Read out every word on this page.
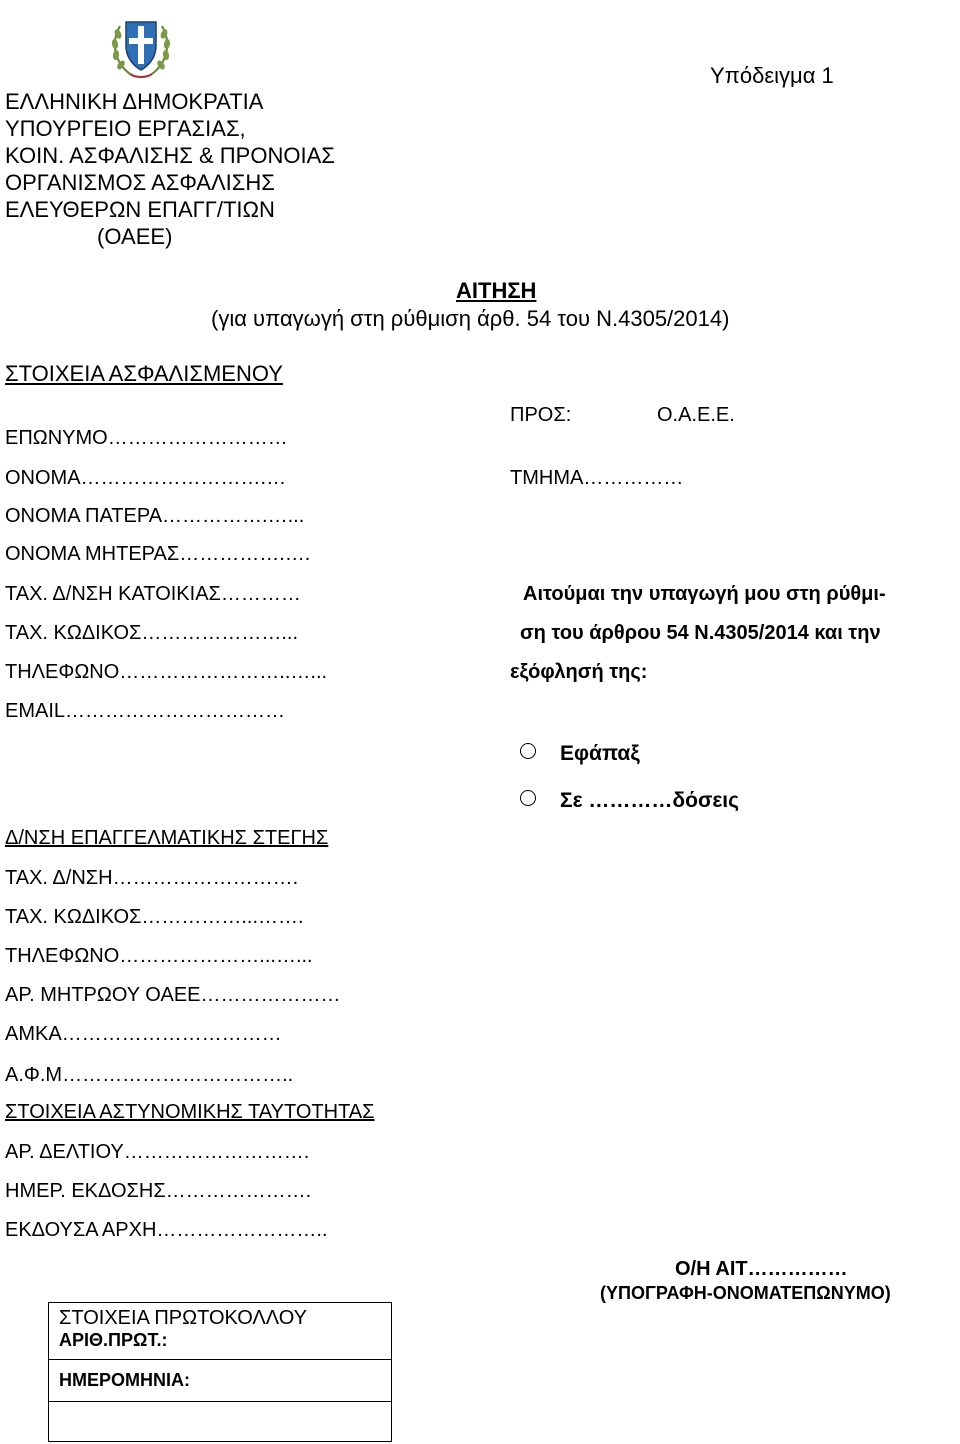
Υπόδειγμα 1
ΕΛΛΗΝΙΚΗ ΔΗΜΟΚΡΑΤΙΑ
ΥΠΟΥΡΓΕΙΟ ΕΡΓΑΣΙΑΣ,
ΚΟΙΝ. ΑΣΦΑΛΙΣΗΣ & ΠΡΟΝΟΙΑΣ
ΟΡΓΑΝΙΣΜΟΣ ΑΣΦΑΛΙΣΗΣ
ΕΛΕΥΘΕΡΩΝ ΕΠΑΓΓ/ΤΙΩΝ
(ΟΑΕΕ)
ΑΙΤΗΣΗ
(για υπαγωγή στη ρύθμιση άρθ. 54 του Ν.4305/2014)
ΣΤΟΙΧΕΙΑ ΑΣΦΑΛΙΣΜΕΝΟΥ
ΕΠΩΝΥΜΟ………………………
ΟΝΟΜΑ……………………….…
ΟΝΟΜΑ ΠΑΤΕΡΑ…………….…...
ΟΝΟΜΑ ΜΗΤΕΡΑΣ…………….….
ΤΑΧ. Δ/ΝΣΗ ΚΑΤΟΙΚΙΑΣ…………
ΤΑΧ. ΚΩΔΙΚΟΣ…………………...
ΤΗΛΕΦΩΝΟ……………………..…...
EMAIL……………………………
ΠΡΟΣ:	Ο.Α.Ε.Ε.
ΤΜΗΜΑ……………
Αιτούμαι την υπαγωγή μου στη ρύθμι-
ση του άρθρου 54 Ν.4305/2014 και την
εξόφλησή της:
Εφάπαξ
Σε …………δόσεις
Δ/ΝΣΗ ΕΠΑΓΓΕΛΜΑΤΙΚΗΣ ΣΤΕΓΗΣ
ΤΑΧ. Δ/ΝΣΗ……………………….
ΤΑΧ. ΚΩΔΙΚΟΣ……………...…….
ΤΗΛΕΦΩΝΟ…………………...…...
ΑΡ. ΜΗΤΡΩΟΥ ΟΑΕΕ…………………
ΑΜΚΑ……………………………
Α.Φ.Μ……………………………..
ΣΤΟΙΧΕΙΑ ΑΣΤΥΝΟΜΙΚΗΣ ΤΑΥΤΟΤΗΤΑΣ
ΑΡ. ΔΕΛΤΙΟΥ……………………….
ΗΜΕΡ. ΕΚΔΟΣΗΣ………………….
ΕΚΔΟΥΣΑ ΑΡΧΗ……………………..
Ο/Η ΑΙΤ……………
(ΥΠΟΓΡΑΦΗ-ΟΝΟΜΑΤΕΠΩΝΥΜΟ)
ΣΤΟΙΧΕΙΑ ΠΡΩΤΟΚΟΛΛΟΥ
ΑΡΙΘ.ΠΡΩΤ.:
ΗΜΕΡΟΜΗΝΙΑ:
